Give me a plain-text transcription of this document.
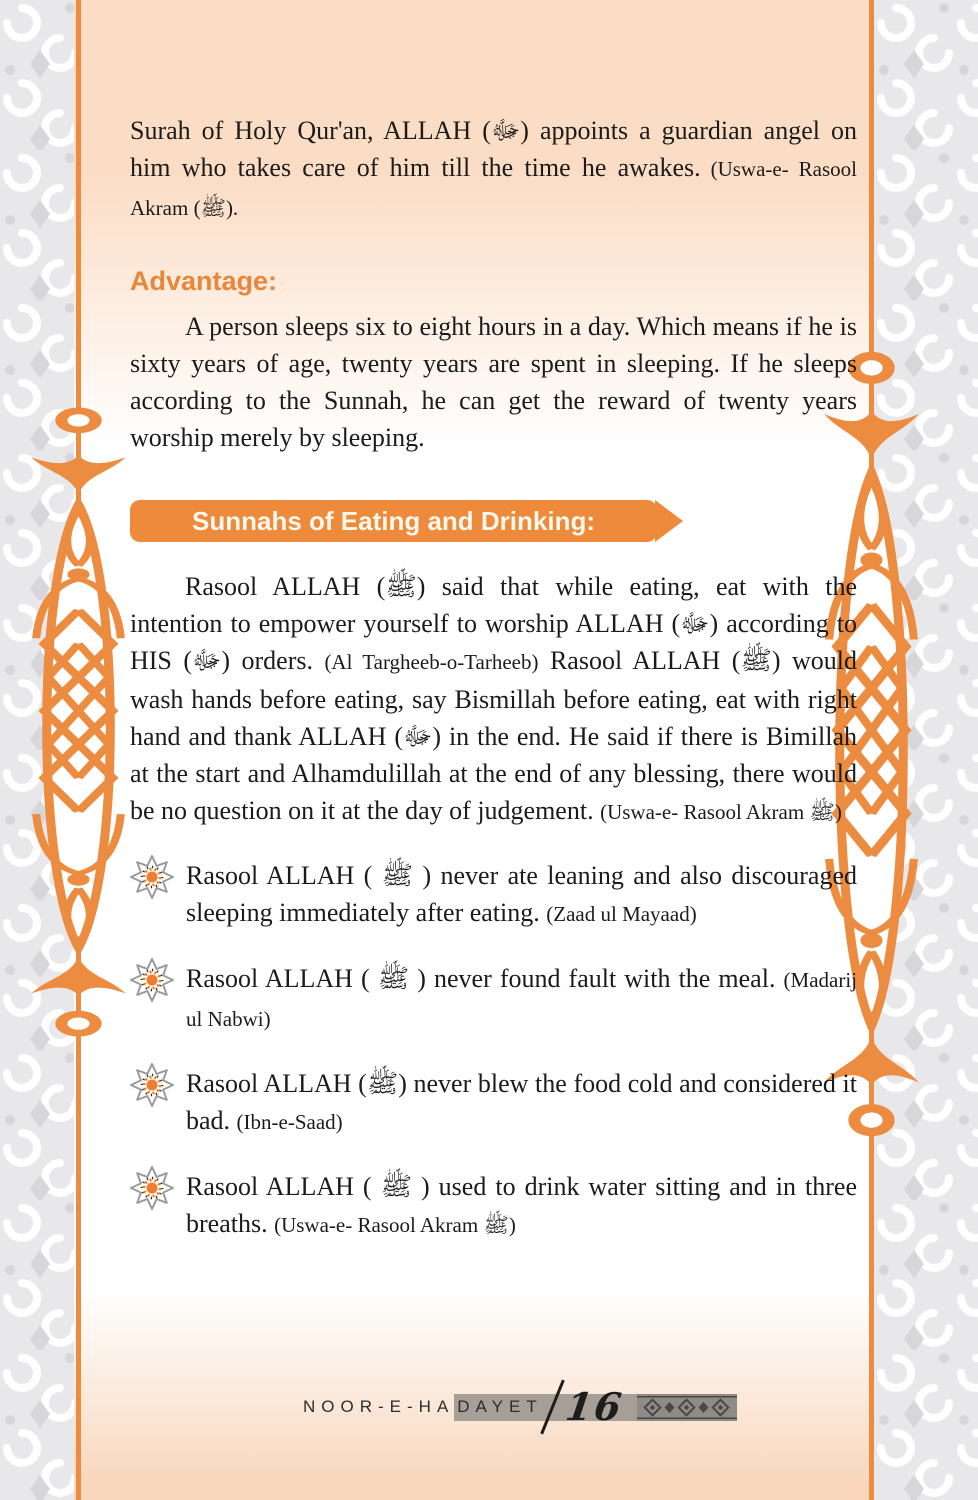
Surah of Holy Qur'an, ALLAH (ﷻ) appoints a guardian angel on him who takes care of him till the time he awakes. (Uswa-e- Rasool Akram (ﷺ).

Advantage:

A person sleeps six to eight hours in a day. Which means if he is sixty years of age, twenty years are spent in sleeping. If he sleeps according to the Sunnah, he can get the reward of twenty years worship merely by sleeping.

Sunnahs of Eating and Drinking:

Rasool ALLAH (ﷺ) said that while eating, eat with the intention to empower yourself to worship ALLAH (ﷻ) according to HIS (ﷻ) orders. (Al Targheeb-o-Tarheeb) Rasool ALLAH (ﷺ) would wash hands before eating, say Bismillah before eating, eat with right hand and thank ALLAH (ﷻ) in the end. He said if there is Bimillah at the start and Alhamdulillah at the end of any blessing, there would be no question on it at the day of judgement. (Uswa-e- Rasool Akram ﷺ)

Rasool ALLAH ( ﷺ ) never ate leaning and also discouraged sleeping immediately after eating. (Zaad ul Mayaad)
Rasool ALLAH ( ﷺ ) never found fault with the meal. (Madarij ul Nabwi)
Rasool ALLAH (ﷺ) never blew the food cold and considered it bad. (Ibn-e-Saad)
Rasool ALLAH ( ﷺ ) used to drink water sitting and in three breaths. (Uswa-e- Rasool Akram ﷺ)
NOOR-E-HA DAYET 16
